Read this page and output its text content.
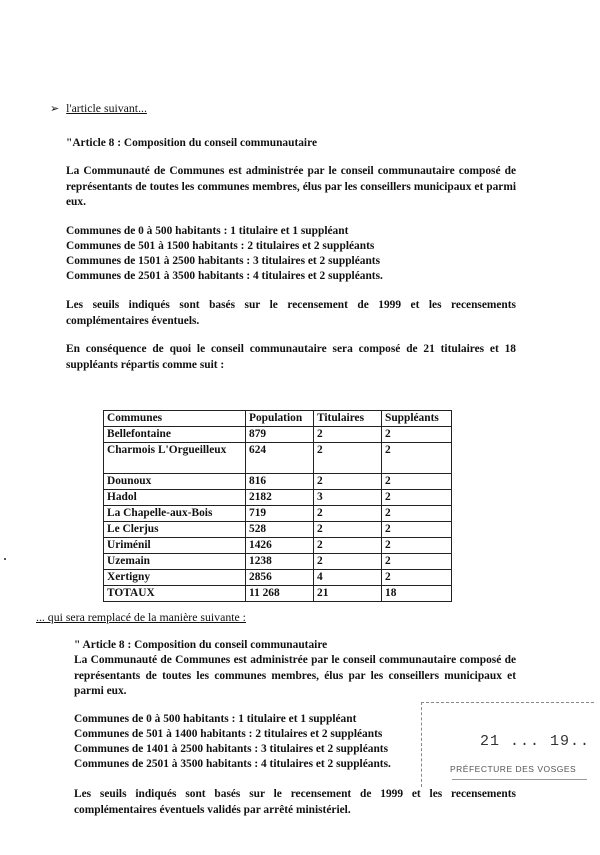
➢ l'article suivant...
"Article 8 : Composition du conseil communautaire
La Communauté de Communes est administrée par le conseil communautaire composé de représentants de toutes les communes membres, élus par les conseillers municipaux et parmi eux.
Communes de 0 à 500 habitants : 1 titulaire et 1 suppléant
Communes de 501 à 1500 habitants : 2 titulaires et 2 suppléants
Communes de 1501 à 2500 habitants : 3 titulaires et 2 suppléants
Communes de 2501 à 3500 habitants : 4 titulaires et 2 suppléants.
Les seuils indiqués sont basés sur le recensement de 1999 et les recensements complémentaires éventuels.
En conséquence de quoi le conseil communautaire sera composé de 21 titulaires et 18 suppléants répartis comme suit :
Communes	Population	Titulaires	Suppléants
Bellefontaine	879	2	2
Charmois L'Orgueilleux	624	2	2
Dounoux	816	2	2
Hadol	2182	3	2
La Chapelle-aux-Bois	719	2	2
Le Clerjus	528	2	2
Uriménil	1426	2	2
Uzemain	1238	2	2
Xertigny	2856	4	2
TOTAUX	11 268	21	18
... qui sera remplacé de la manière suivante :
" Article 8 : Composition du conseil communautaire
La Communauté de Communes est administrée par le conseil communautaire composé de représentants de toutes les communes membres, élus par les conseillers municipaux et parmi eux.
Communes de 0 à 500 habitants : 1 titulaire et 1 suppléant
Communes de 501 à 1400 habitants : 2 titulaires et 2 suppléants
Communes de 1401 à 2500 habitants : 3 titulaires et 2 suppléants
Communes de 2501 à 3500 habitants : 4 titulaires et 2 suppléants.
Les seuils indiqués sont basés sur le recensement de 1999 et les recensements complémentaires éventuels validés par arrêté ministériel.
21 ... 19..
PRÉFECTURE DES VOSGES
